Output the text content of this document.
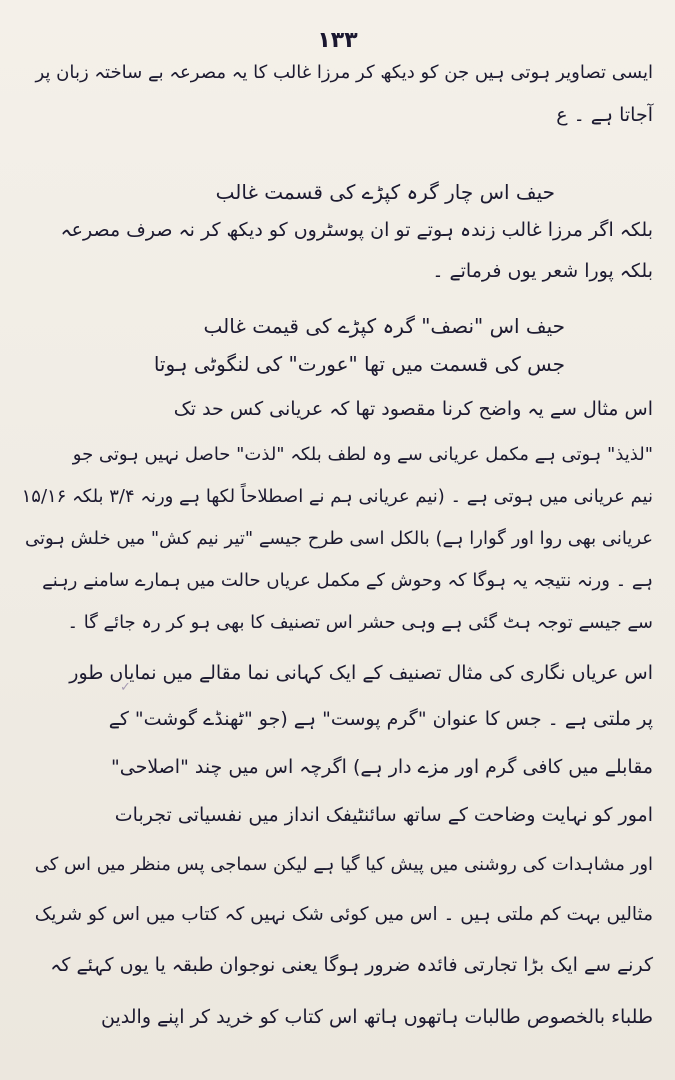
۱۳۳
ایسی تصاویر ہوتی ہیں جن کو دیکھ کر مرزا غالب کا یہ مصرعہ بے ساختہ زبان پر
آجاتا ہے ۔ ع
حیف اس چار گرہ کپڑے کی قسمت غالب
بلکہ اگر مرزا غالب زندہ ہوتے تو ان پوسٹروں کو دیکھ کر نہ صرف مصرعہ
بلکہ پورا شعر یوں فرماتے ۔
حیف اس "نصف" گرہ کپڑے کی قیمت غالب
جس کی قسمت میں تھا "عورت" کی لنگوٹی ہوتا
اس مثال سے یہ واضح کرنا مقصود تھا کہ عریانی کس حد تک
"لذیذ" ہوتی ہے مکمل عریانی سے وہ لطف بلکہ "لذت" حاصل نہیں ہوتی جو
نیم عریانی میں ہوتی ہے ۔ (نیم عریانی ہم نے اصطلاحاً لکھا ہے ورنہ ۳/۴ بلکہ ۱۵/۱۶
عریانی بھی روا اور گوارا ہے) بالکل اسی طرح جیسے "تیر نیم کش" میں خلش ہوتی
ہے ۔ ورنہ نتیجہ یہ ہوگا کہ وحوش کے مکمل عریاں حالت میں ہمارے سامنے رہنے
سے جیسے توجہ ہٹ گئی ہے وہی حشر اس تصنیف کا بھی ہو کر رہ جائے گا ۔
اس عریاں نگاری کی مثال تصنیف کے ایک کہانی نما مقالے میں نمایاں طور
پر ملتی ہے ۔ جس کا عنوان "گرم پوست" ہے (جو "ٹھنڈے گوشت" کے
مقابلے میں کافی گرم اور مزے دار ہے) اگرچہ اس میں چند "اصلاحی"
امور کو نہایت وضاحت کے ساتھ سائنٹیفک انداز میں نفسیاتی تجربات
اور مشاہدات کی روشنی میں پیش کیا گیا ہے لیکن سماجی پس منظر میں اس کی
مثالیں بہت کم ملتی ہیں ۔ اس میں کوئی شک نہیں کہ کتاب میں اس کو شریک
کرنے سے ایک بڑا تجارتی فائدہ ضرور ہوگا یعنی نوجوان طبقہ یا یوں کہئے کہ
طلباء بالخصوص طالبات ہاتھوں ہاتھ اس کتاب کو خرید کر اپنے والدین
✓
